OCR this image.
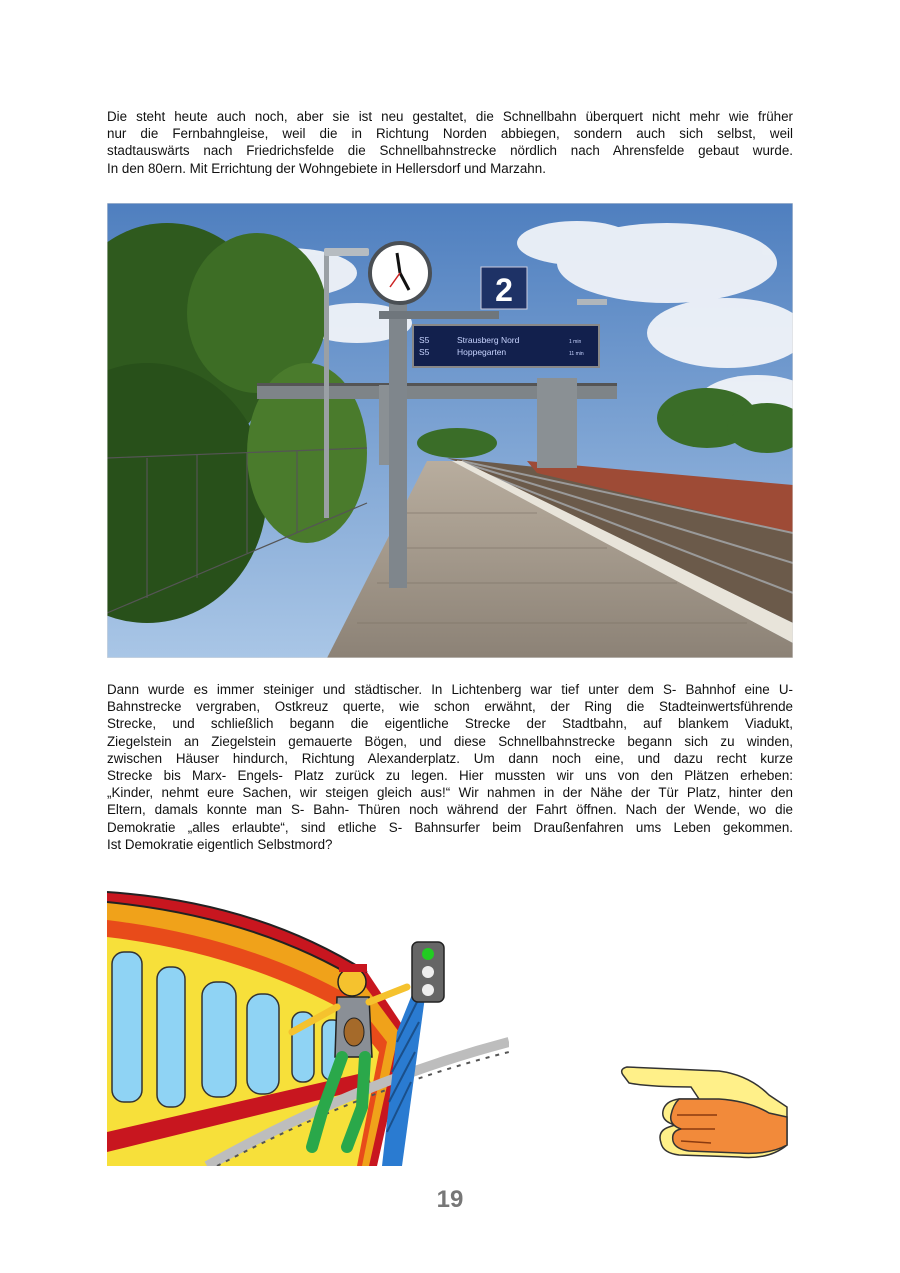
Die steht heute auch noch, aber sie ist neu gestaltet, die Schnellbahn überquert nicht mehr wie früher
nur die Fernbahngleise, weil die in Richtung Norden abbiegen, sondern auch sich selbst, weil
stadtauswärts nach Friedrichsfelde die Schnellbahnstrecke nördlich nach Ahrensfelde gebaut wurde.
In den 80ern. Mit Errichtung der Wohngebiete in Hellersdorf und Marzahn.
2
S5	Strausberg Nord	1 min
S5	Hoppegarten	11 min
Dann wurde es immer steiniger und städtischer. In Lichtenberg war tief unter dem S- Bahnhof eine U-
Bahnstrecke vergraben, Ostkreuz querte, wie schon erwähnt, der Ring die Stadteinwertsführende
Strecke, und schließlich begann die eigentliche Strecke der Stadtbahn, auf blankem Viadukt,
Ziegelstein an Ziegelstein gemauerte Bögen, und diese Schnellbahnstrecke begann sich zu winden,
zwischen Häuser hindurch, Richtung Alexanderplatz. Um dann noch eine, und dazu recht kurze
Strecke bis Marx- Engels- Platz zurück zu legen. Hier mussten wir uns von den Plätzen erheben:
„Kinder, nehmt eure Sachen, wir steigen gleich aus!“ Wir nahmen in der Nähe der Tür Platz, hinter den
Eltern, damals konnte man S- Bahn- Thüren noch während der Fahrt öffnen. Nach der Wende, wo die
Demokratie „alles erlaubte“, sind etliche S- Bahnsurfer beim Draußenfahren ums Leben gekommen.
Ist Demokratie eigentlich Selbstmord?
19
